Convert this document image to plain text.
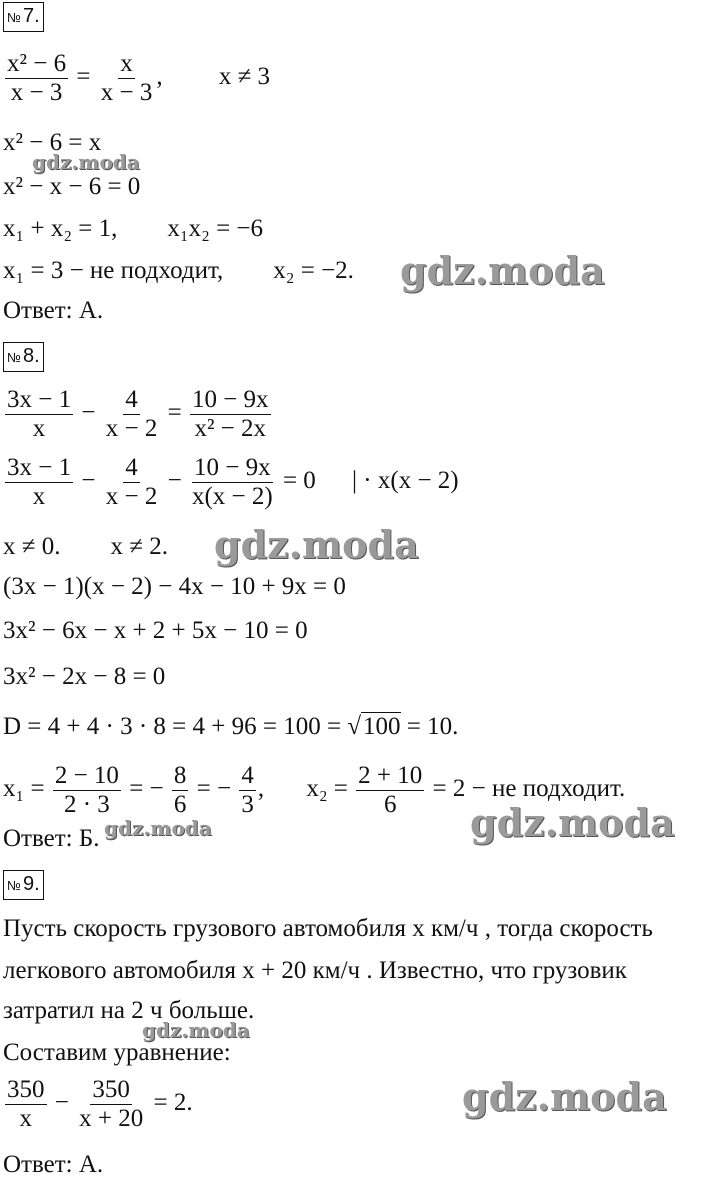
№ 7.
$\frac{\text{x² − 6}}{x - 3} = \frac{x}{x - 3}$ , x ≠ 3
x² − 6 = x
x² − x − 6 = 0
x₁ + x₂ = 1, x₁x₂ = −6
x₁ = 3 − не подходит, x₂ = −2.
Ответ: А.
№ 8.
$\frac{3x - 1}{x} - \frac{4}{x - 2} = \frac{10 - 9x}{\text{x² − 2x}}$
$\frac{3x - 1}{x} - \frac{4}{x - 2} - \frac{10 - 9x}{x(x - 2)} = 0$ | · x(x − 2)
x ≠ 0. x ≠ 2.
(3x − 1)(x − 2) − 4x − 10 + 9x = 0
3x² − 6x − x + 2 + 5x − 10 = 0
3x² − 2x − 8 = 0
D = 4 + 4 · 3 · 8 = 4 + 96 = 100 = √100 = 10.
$x_1 = \frac{2 - 10}{2 \cdot 3}$ = − $\frac{8}{6}$ = − $\frac{4}{3}$ , $x_2 = \frac{2 + 10}{6} = 2$ − не подходит.
Ответ: Б.
№ 9.
Пусть скорость грузового автомобиля x км/ч , тогда скорость
легкового автомобиля x + 20 км/ч . Известно, что грузовик
затратил на 2 ч больше.
Составим уравнение:
$\frac{350}{x} - \frac{350}{x + 20} = 2$.
Ответ: А.
gdz.moda
gdz.moda
gdz.moda
gdz.moda	gdz.moda
gdz.moda
gdz.moda
